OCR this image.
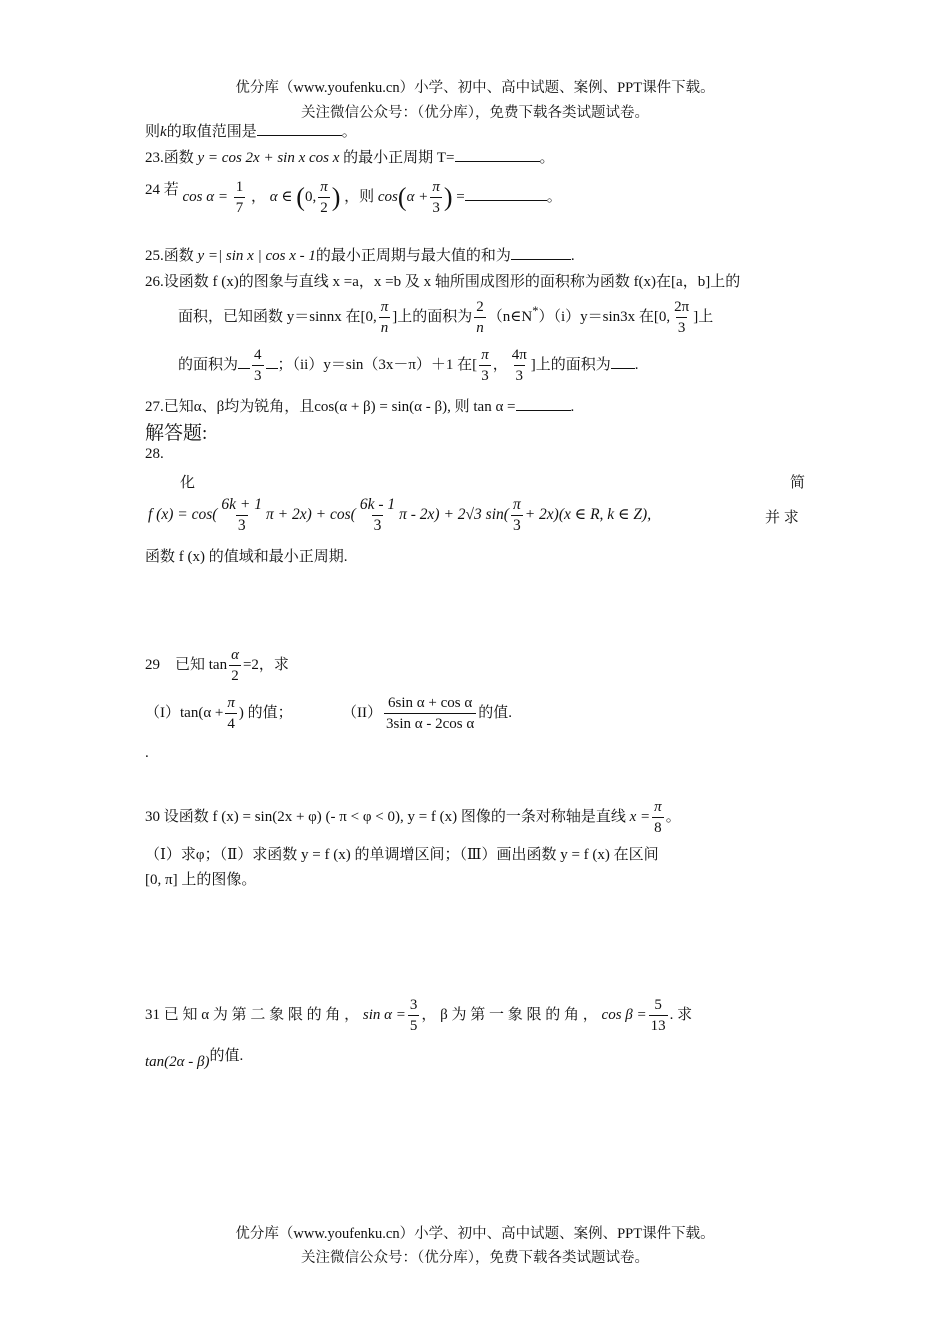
优分库（www.youfenku.cn）小学、初中、高中试题、案例、PPT课件下载。
关注微信公众号：（优分库），免费下载各类试题试卷。
则k的取值范围是	。
23.函数 y = cos 2x + sin x cos x 的最小正周期 T=	。
24 若 $\cos \alpha = \frac{1}{7}$ ， α ∈ (0, $\frac{\pi}{2}$ ) ，则 $\cos(\alpha + \frac{\pi}{3}$ ) =	。
25.函数 y =| sin x | cos x - 1的最小正周期与最大值的和为	.
26.设函数 f (x)的图象与直线 x =a，x =b 及 x 轴所围成图形的面积称为函数 f(x)在[a，b]上的
面积，已知函数 y＝sinnx 在[0, $\frac{\pi}{n}$ ]上的面积为 $\frac{2}{n}$ （n∈N*）（i）y＝sin3x 在[0, $\frac{2\pi}{3}$ ]上
的面积为 $\frac{4}{3}$ ；（ii）y＝sin（3x－π）＋1 在[ $\frac{\pi}{3}$ ， $\frac{4\pi}{3}$ ]上的面积为 .
27.已知α、β均为锐角，且cos(α + β) = sin(α - β), 则 tan α =	.
解答题:
28.
化	简
f $(x) = \cos( \frac{6k + 1}{3}$ $\pi + 2x) + \cos( \frac{6k - 1}{3}$ π - 2x) + 2√3 $\sin( \frac{\pi}{3} + 2x)(x$ ∈ R, k ∈ Z),	并 求
函数 f (x) 的值域和最小正周期.
29　已知 $\tan \frac{\alpha}{2} =2$，求
$(I)\tan(\alpha + \frac{\pi}{4}$ ) 的值；	$(II) \frac{\text{6sin α + cos α}}{\text{3sin α - 2cos α}}$ 的值.
.
30 设函数 f (x) = sin(2x + φ) (- π < φ < 0), y = f (x) 图像的一条对称轴是直线 $x = \frac{\pi}{8}$ 。
（Ⅰ）求φ；（Ⅱ）求函数 y = f (x) 的单调增区间；（Ⅲ）画出函数 y = f (x) 在区间
[0, π] 上的图像。
31 已 知 α 为 第 二 象 限 的 角 ， $\sin \alpha = \frac{3}{5}$ ， β 为 第 一 象 限 的 角 ， $\cos \beta = \frac{5}{13}$ . 求
tan(2α - β)的值.
优分库（www.youfenku.cn）小学、初中、高中试题、案例、PPT课件下载。
关注微信公众号：（优分库），免费下载各类试题试卷。
